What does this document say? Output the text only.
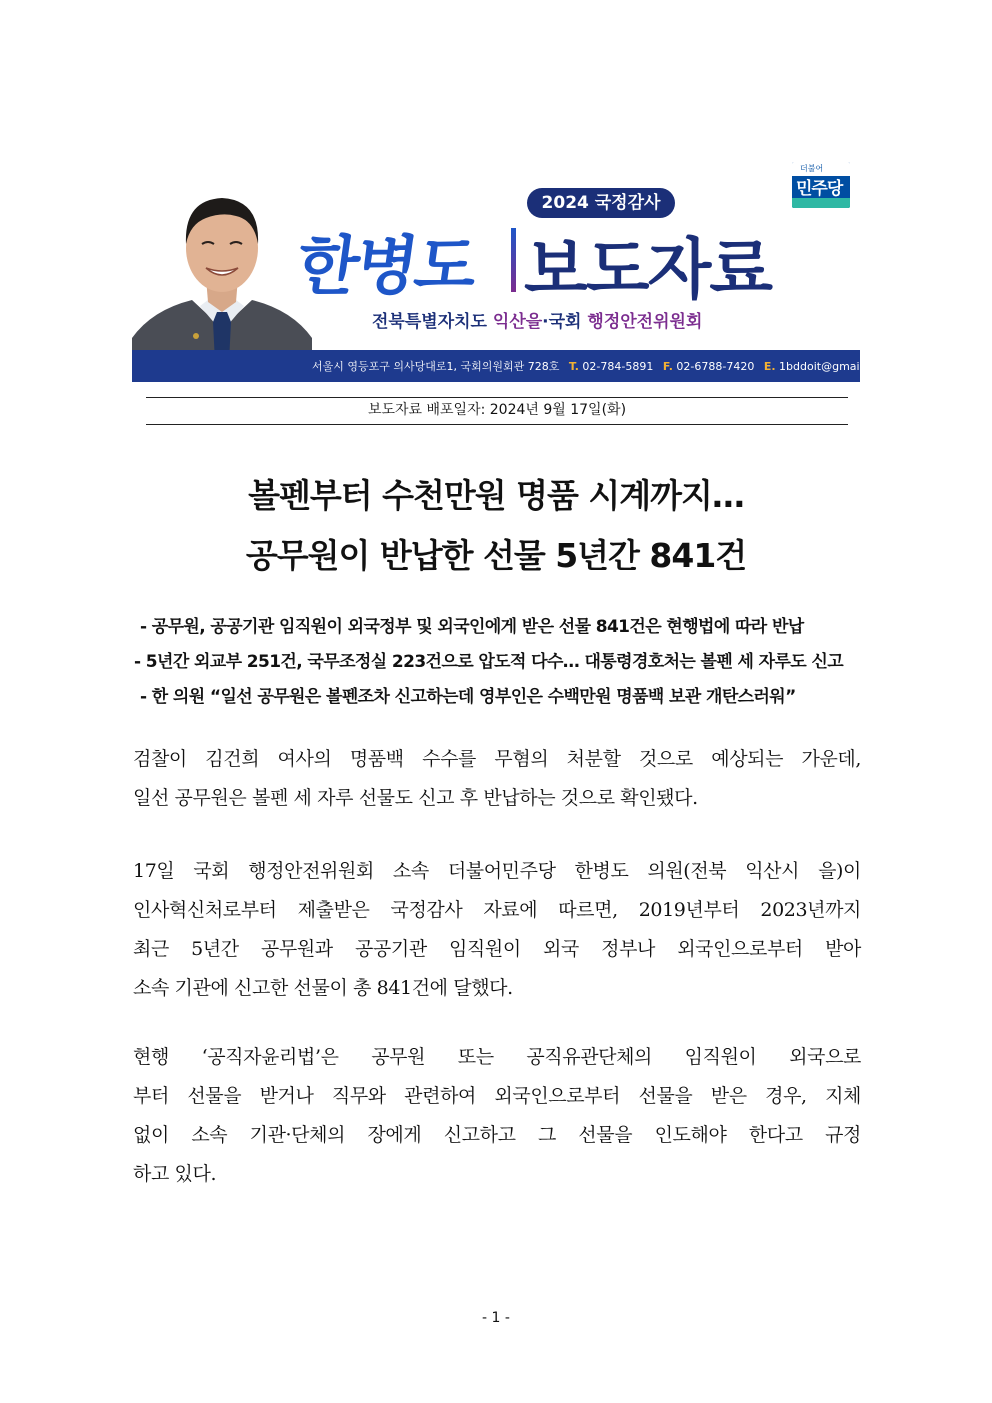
더불어
민주당
2024 국정감사
한병도 보도자료
전북특별자치도 익산을·국회 행정안전위원회
서울시 영등포구 의사당대로1, 국회의원회관 728호 T. 02-784-5891 F. 02-6788-7420 E. 1bddoit@gmail.com
보도자료 배포일자: 2024년 9월 17일(화)
볼펜부터 수천만원 명품 시계까지…
공무원이 반납한 선물 5년간 841건
- 공무원, 공공기관 임직원이 외국정부 및 외국인에게 받은 선물 841건은 현행법에 따라 반납
- 5년간 외교부 251건, 국무조정실 223건으로 압도적 다수… 대통령경호처는 볼펜 세 자루도 신고
- 한 의원 “일선 공무원은 볼펜조차 신고하는데 영부인은 수백만원 명품백 보관 개탄스러워”
검찰이 김건희 여사의 명품백 수수를 무혐의 처분할 것으로 예상되는 가운데,
일선 공무원은 볼펜 세 자루 선물도 신고 후 반납하는 것으로 확인됐다.
17일 국회 행정안전위원회 소속 더불어민주당 한병도 의원(전북 익산시 을)이
인사혁신처로부터 제출받은 국정감사 자료에 따르면, 2019년부터 2023년까지
최근 5년간 공무원과 공공기관 임직원이 외국 정부나 외국인으로부터 받아
소속 기관에 신고한 선물이 총 841건에 달했다.
현행 ‘공직자윤리법’은 공무원 또는 공직유관단체의 임직원이 외국으로
부터 선물을 받거나 직무와 관련하여 외국인으로부터 선물을 받은 경우, 지체
없이 소속 기관·단체의 장에게 신고하고 그 선물을 인도해야 한다고 규정
하고 있다.
- 1 -
